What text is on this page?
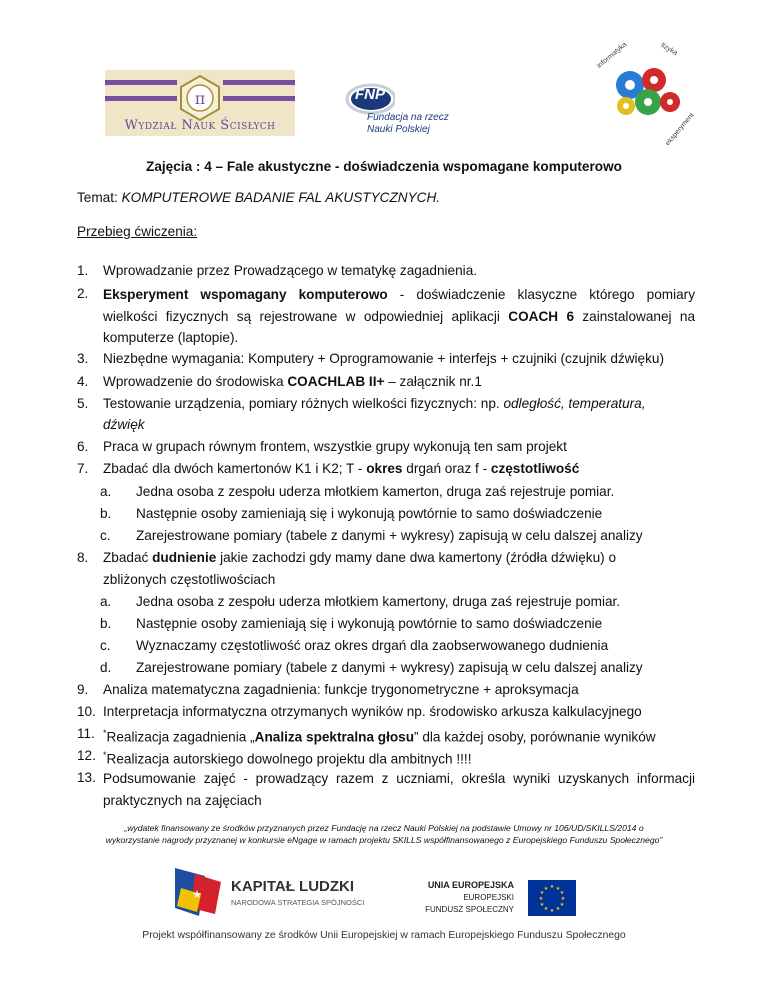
π
Wydział Nauk Ścisłych
FNP
Fundacja na rzecz
Nauki Polskiej
informatyka	fizyka
eksperyment
Zajęcia : 4 – Fale akustyczne - doświadczenia wspomagane komputerowo
Temat: KOMPUTEROWE BADANIE FAL AKUSTYCZNYCH.
Przebieg ćwiczenia:
1. Wprowadzanie przez Prowadzącego w tematykę zagadnienia.
2. Eksperyment wspomagany komputerowo - doświadczenie klasyczne którego pomiary wielkości fizycznych są rejestrowane w odpowiedniej aplikacji COACH 6 zainstalowanej na komputerze (laptopie).
3. Niezbędne wymagania: Komputery + Oprogramowanie + interfejs + czujniki (czujnik dźwięku)
4. Wprowadzenie do środowiska COACHLAB II+ – załącznik nr.1
5. Testowanie urządzenia, pomiary różnych wielkości fizycznych: np. odległość, temperatura,
dźwięk
6. Praca w grupach równym frontem, wszystkie grupy wykonują ten sam projekt
7. Zbadać dla dwóch kamertonów K1 i K2; T - okres drgań oraz f - częstotliwość
a. Jedna osoba z zespołu uderza młotkiem kamerton, druga zaś rejestruje pomiar.
b. Następnie osoby zamieniają się i wykonują powtórnie to samo doświadczenie
c. Zarejestrowane pomiary (tabele z danymi + wykresy) zapisują w celu dalszej analizy
8. Zbadać dudnienie jakie zachodzi gdy mamy dane dwa kamertony (źródła dźwięku) o
zbliżonych częstotliwościach
a. Jedna osoba z zespołu uderza młotkiem kamertony, druga zaś rejestruje pomiar.
b. Następnie osoby zamieniają się i wykonują powtórnie to samo doświadczenie
c. Wyznaczamy częstotliwość oraz okres drgań dla zaobserwowanego dudnienia
d. Zarejestrowane pomiary (tabele z danymi + wykresy) zapisują w celu dalszej analizy
9. Analiza matematyczna zagadnienia: funkcje trygonometryczne + aproksymacja
10. Interpretacja informatyczna otrzymanych wyników np. środowisko arkusza kalkulacyjnego
11. *Realizacja zagadnienia „Analiza spektralna głosu” dla każdej osoby, porównanie wyników
12. *Realizacja autorskiego dowolnego projektu dla ambitnych !!!!
13. Podsumowanie zajęć - prowadzący razem z uczniami, określa wyniki uzyskanych informacji praktycznych na zajęciach
„wydatek finansowany ze środków przyznanych przez Fundację na rzecz Nauki Polskiej na podstawie Umowy nr 106/UD/SKILLS/2014 o
wykorzystanie nagrody przyznanej w konkursie eNgage w ramach projektu SKILLS współfinansowanego z Europejskiego Funduszu Społecznego”
★ KAPITAŁ LUDZKI
NARODOWA STRATEGIA SPÓJNOŚCI
UNIA EUROPEJSKA
EUROPEJSKI
FUNDUSZ SPOŁECZNY
★ ★
★
★
★
★
★
★
★
★
★
★
Projekt współfinansowany ze środków Unii Europejskiej w ramach Europejskiego Funduszu Społecznego
